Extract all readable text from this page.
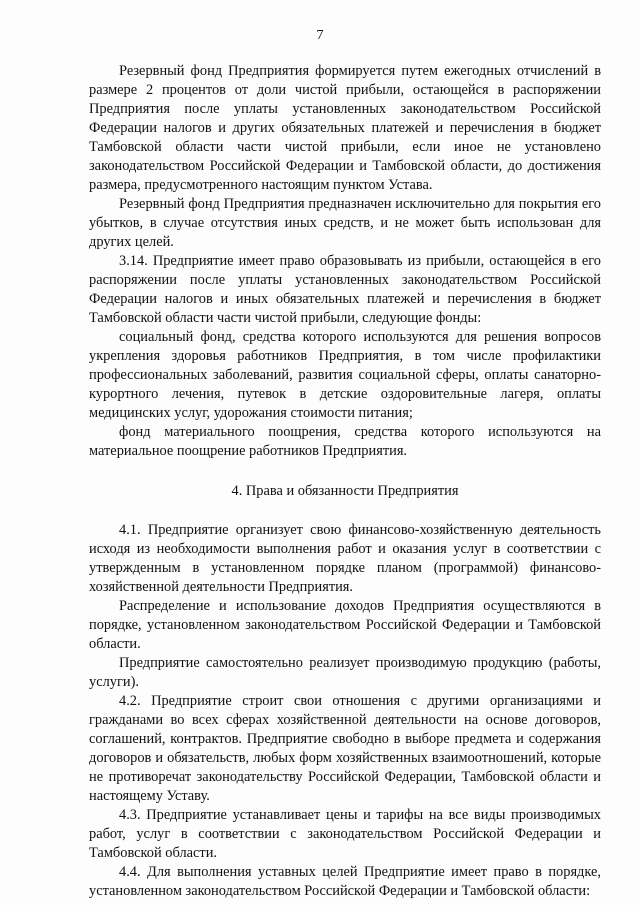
7

Резервный фонд Предприятия формируется путем ежегодных отчислений в размере 2 процентов от доли чистой прибыли, остающейся в распоряжении Предприятия после уплаты установленных законодательством Российской Федерации налогов и других обязательных платежей и перечисления в бюджет Тамбовской области части чистой прибыли, если иное не установлено законодательством Российской Федерации и Тамбовской области, до достижения размера, предусмотренного настоящим пунктом Устава.

Резервный фонд Предприятия предназначен исключительно для покрытия его убытков, в случае отсутствия иных средств, и не может быть использован для других целей.

3.14. Предприятие имеет право образовывать из прибыли, остающейся в его распоряжении после уплаты установленных законодательством Российской Федерации налогов и иных обязательных платежей и перечисления в бюджет Тамбовской области части чистой прибыли, следующие фонды:

социальный фонд, средства которого используются для решения вопросов укрепления здоровья работников Предприятия, в том числе профилактики профессиональных заболеваний, развития социальной сферы, оплаты санаторно-курортного лечения, путевок в детские оздоровительные лагеря, оплаты медицинских услуг, удорожания стоимости питания;

фонд материального поощрения, средства которого используются на материальное поощрение работников Предприятия.

4. Права и обязанности Предприятия

4.1. Предприятие организует свою финансово-хозяйственную деятельность исходя из необходимости выполнения работ и оказания услуг в соответствии с утвержденным в установленном порядке планом (программой) финансово-хозяйственной деятельности Предприятия.

Распределение и использование доходов Предприятия осуществляются в порядке, установленном законодательством Российской Федерации и Тамбовской области.

Предприятие самостоятельно реализует производимую продукцию (работы, услуги).

4.2. Предприятие строит свои отношения с другими организациями и гражданами во всех сферах хозяйственной деятельности на основе договоров, соглашений, контрактов. Предприятие свободно в выборе предмета и содержания договоров и обязательств, любых форм хозяйственных взаимоотношений, которые не противоречат законодательству Российской Федерации, Тамбовской области и настоящему Уставу.

4.3. Предприятие устанавливает цены и тарифы на все виды производимых работ, услуг в соответствии с законодательством Российской Федерации и Тамбовской области.

4.4. Для выполнения уставных целей Предприятие имеет право в порядке, установленном законодательством Российской Федерации и Тамбовской области:
